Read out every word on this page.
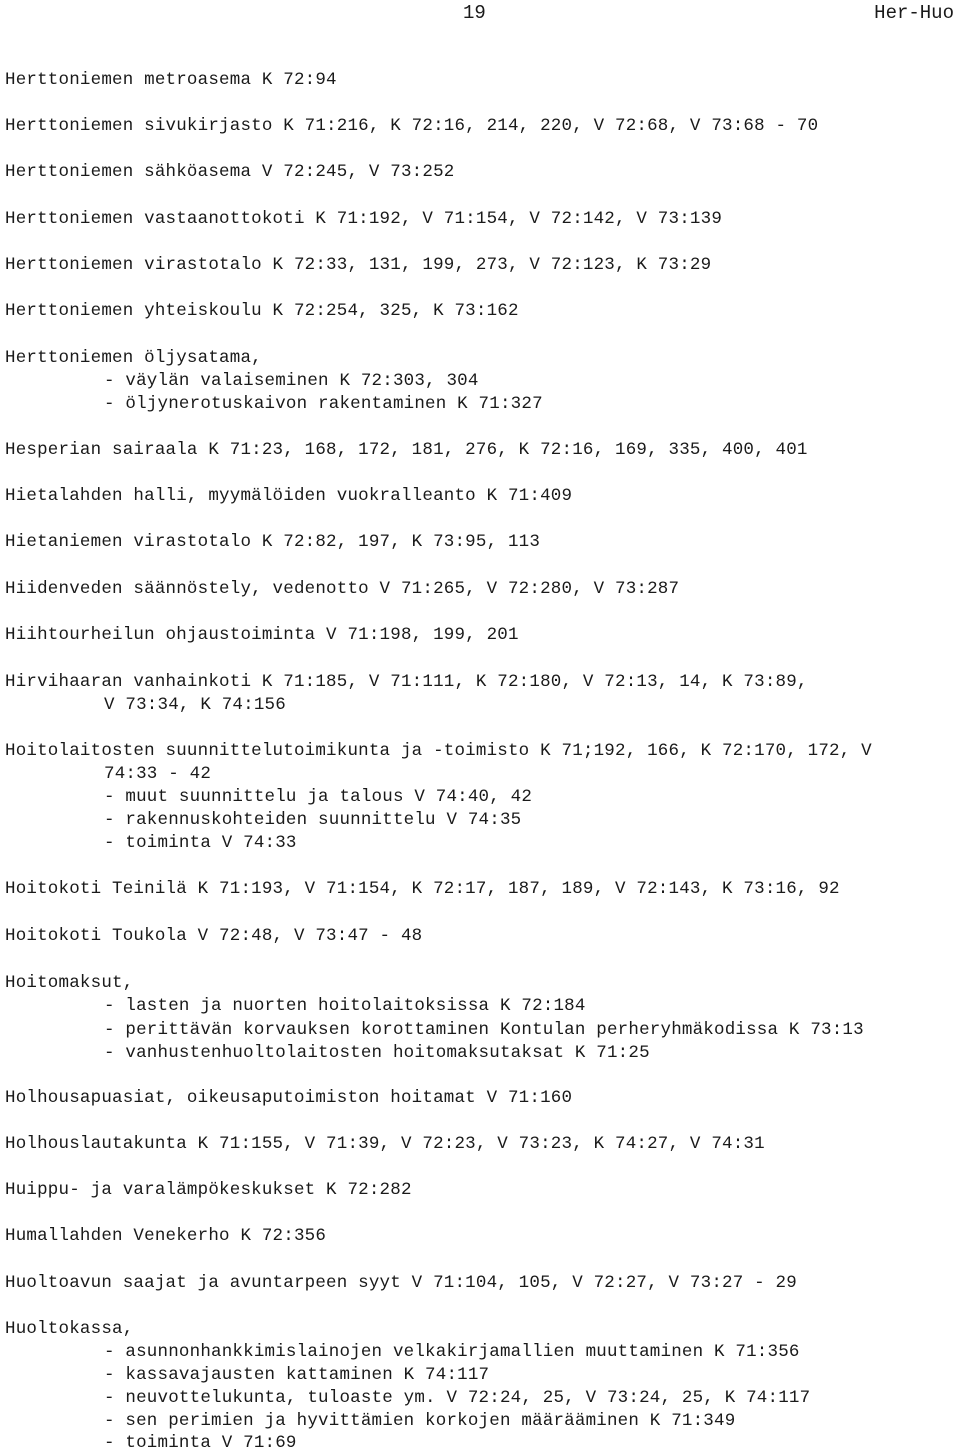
19	Her-Huo
Herttoniemen metroasema K 72:94
Herttoniemen sivukirjasto K 71:216, K 72:16, 214, 220, V 72:68, V 73:68 - 70
Herttoniemen sähköasema V 72:245, V 73:252
Herttoniemen vastaanottokoti K 71:192, V 71:154, V 72:142, V 73:139
Herttoniemen virastotalo K 72:33, 131, 199, 273, V 72:123, K 73:29
Herttoniemen yhteiskoulu K 72:254, 325, K 73:162
Herttoniemen öljysatama,
- väylän valaiseminen K 72:303, 304
- öljynerotuskaivon rakentaminen K 71:327
Hesperian sairaala K 71:23, 168, 172, 181, 276, K 72:16, 169, 335, 400, 401
Hietalahden halli, myymälöiden vuokralleanto K 71:409
Hietaniemen virastotalo K 72:82, 197, K 73:95, 113
Hiidenveden säännöstely, vedenotto V 71:265, V 72:280, V 73:287
Hiihtourheilun ohjaustoiminta V 71:198, 199, 201
Hirvihaaran vanhainkoti K 71:185, V 71:111, K 72:180, V 72:13, 14, K 73:89,
V 73:34, K 74:156
Hoitolaitosten suunnittelutoimikunta ja -toimisto K 71;192, 166, K 72:170, 172, V
74:33 - 42
- muut suunnittelu ja talous V 74:40, 42
- rakennuskohteiden suunnittelu V 74:35
- toiminta V 74:33
Hoitokoti Teinilä K 71:193, V 71:154, K 72:17, 187, 189, V 72:143, K 73:16, 92
Hoitokoti Toukola V 72:48, V 73:47 - 48
Hoitomaksut,
- lasten ja nuorten hoitolaitoksissa K 72:184
- perittävän korvauksen korottaminen Kontulan perheryhmäkodissa K 73:13
- vanhustenhuoltolaitosten hoitomaksutaksat K 71:25
Holhousapuasiat, oikeusaputoimiston hoitamat V 71:160
Holhouslautakunta K 71:155, V 71:39, V 72:23, V 73:23, K 74:27, V 74:31
Huippu- ja varalämpökeskukset K 72:282
Humallahden Venekerho K 72:356
Huoltoavun saajat ja avuntarpeen syyt V 71:104, 105, V 72:27, V 73:27 - 29
Huoltokassa,
- asunnonhankkimislainojen velkakirjamallien muuttaminen K 71:356
- kassavajausten kattaminen K 74:117
- neuvottelukunta, tuloaste ym. V 72:24, 25, V 73:24, 25, K 74:117
- sen perimien ja hyvittämien korkojen määrääminen K 71:349
- toiminta V 71:69
